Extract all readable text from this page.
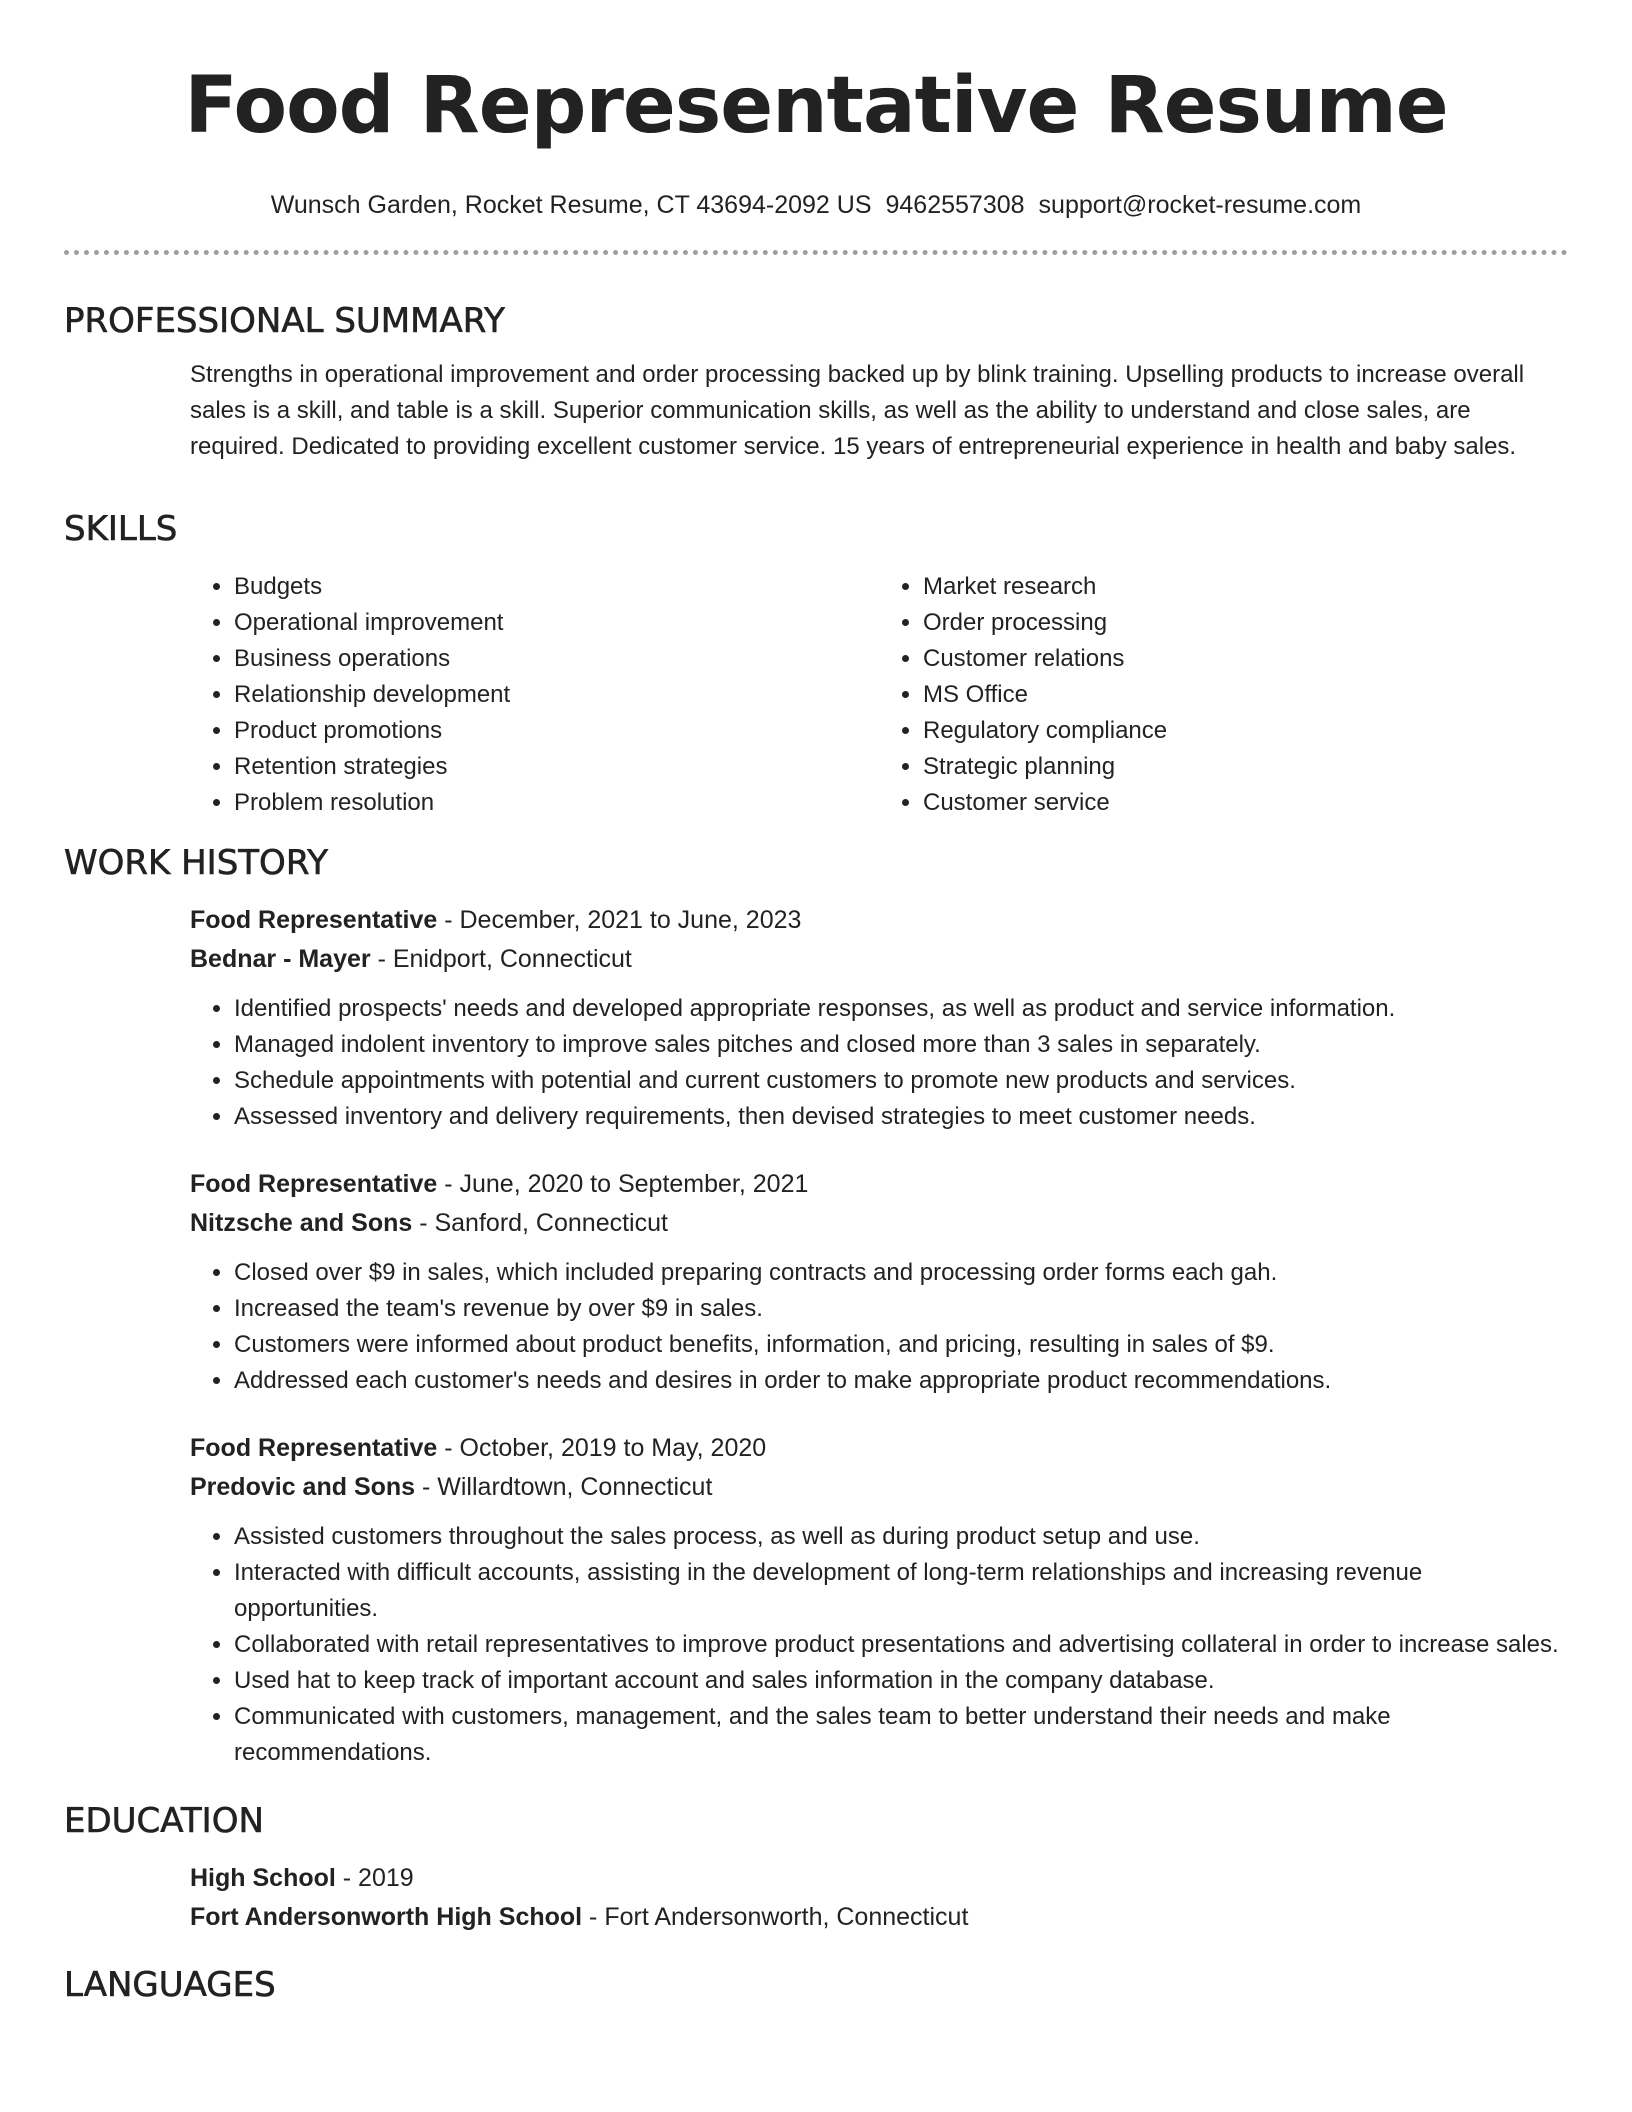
Food Representative Resume
Wunsch Garden, Rocket Resume, CT 43694-2092 US 9462557308 support@rocket-resume.com
PROFESSIONAL SUMMARY
Strengths in operational improvement and order processing backed up by blink training. Upselling products to increase overall sales is a skill, and table is a skill. Superior communication skills, as well as the ability to understand and close sales, are required. Dedicated to providing excellent customer service. 15 years of entrepreneurial experience in health and baby sales.
SKILLS
• Budgets
• Operational improvement
• Business operations
• Relationship development
• Product promotions
• Retention strategies
• Problem resolution
• Market research
• Order processing
• Customer relations
• MS Office
• Regulatory compliance
• Strategic planning
• Customer service
WORK HISTORY
Food Representative - December, 2021 to June, 2023
Bednar - Mayer - Enidport, Connecticut
• Identified prospects' needs and developed appropriate responses, as well as product and service information.
• Managed indolent inventory to improve sales pitches and closed more than 3 sales in separately.
• Schedule appointments with potential and current customers to promote new products and services.
• Assessed inventory and delivery requirements, then devised strategies to meet customer needs.
Food Representative - June, 2020 to September, 2021
Nitzsche and Sons - Sanford, Connecticut
• Closed over $9 in sales, which included preparing contracts and processing order forms each gah.
• Increased the team's revenue by over $9 in sales.
• Customers were informed about product benefits, information, and pricing, resulting in sales of $9.
• Addressed each customer's needs and desires in order to make appropriate product recommendations.
Food Representative - October, 2019 to May, 2020
Predovic and Sons - Willardtown, Connecticut
• Assisted customers throughout the sales process, as well as during product setup and use.
• Interacted with difficult accounts, assisting in the development of long-term relationships and increasing revenue opportunities.
• Collaborated with retail representatives to improve product presentations and advertising collateral in order to increase sales.
• Used hat to keep track of important account and sales information in the company database.
• Communicated with customers, management, and the sales team to better understand their needs and make recommendations.
EDUCATION
High School - 2019
Fort Andersonworth High School - Fort Andersonworth, Connecticut
LANGUAGES
